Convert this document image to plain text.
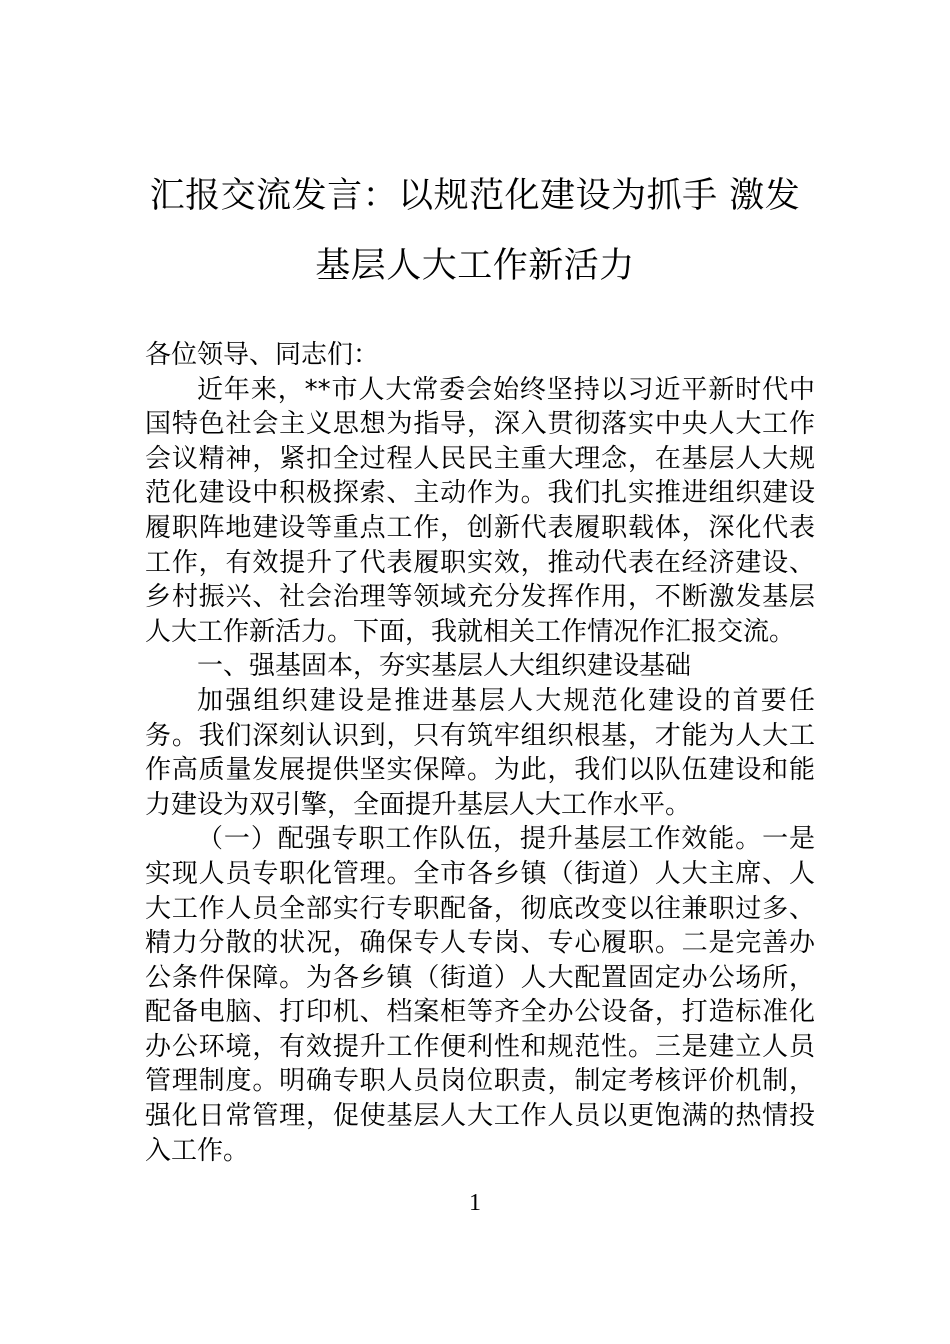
汇报交流发言：以规范化建设为抓手 激发
基层人大工作新活力

各位领导、同志们：

近年来，**市人大常委会始终坚持以习近平新时代中国特色社会主义思想为指导，深入贯彻落实中央人大工作会议精神，紧扣全过程人民民主重大理念，在基层人大规范化建设中积极探索、主动作为。我们扎实推进组织建设履职阵地建设等重点工作，创新代表履职载体，深化代表工作，有效提升了代表履职实效，推动代表在经济建设、乡村振兴、社会治理等领域充分发挥作用，不断激发基层人大工作新活力。下面，我就相关工作情况作汇报交流。

一、强基固本，夯实基层人大组织建设基础

加强组织建设是推进基层人大规范化建设的首要任务。我们深刻认识到，只有筑牢组织根基，才能为人大工作高质量发展提供坚实保障。为此，我们以队伍建设和能力建设为双引擎，全面提升基层人大工作水平。

（一）配强专职工作队伍，提升基层工作效能。一是实现人员专职化管理。全市各乡镇（街道）人大主席、人大工作人员全部实行专职配备，彻底改变以往兼职过多、精力分散的状况，确保专人专岗、专心履职。二是完善办公条件保障。为各乡镇（街道）人大配置固定办公场所，配备电脑、打印机、档案柜等齐全办公设备，打造标准化办公环境，有效提升工作便利性和规范性。三是建立人员管理制度。明确专职人员岗位职责，制定考核评价机制，强化日常管理，促使基层人大工作人员以更饱满的热情投入工作。

1
